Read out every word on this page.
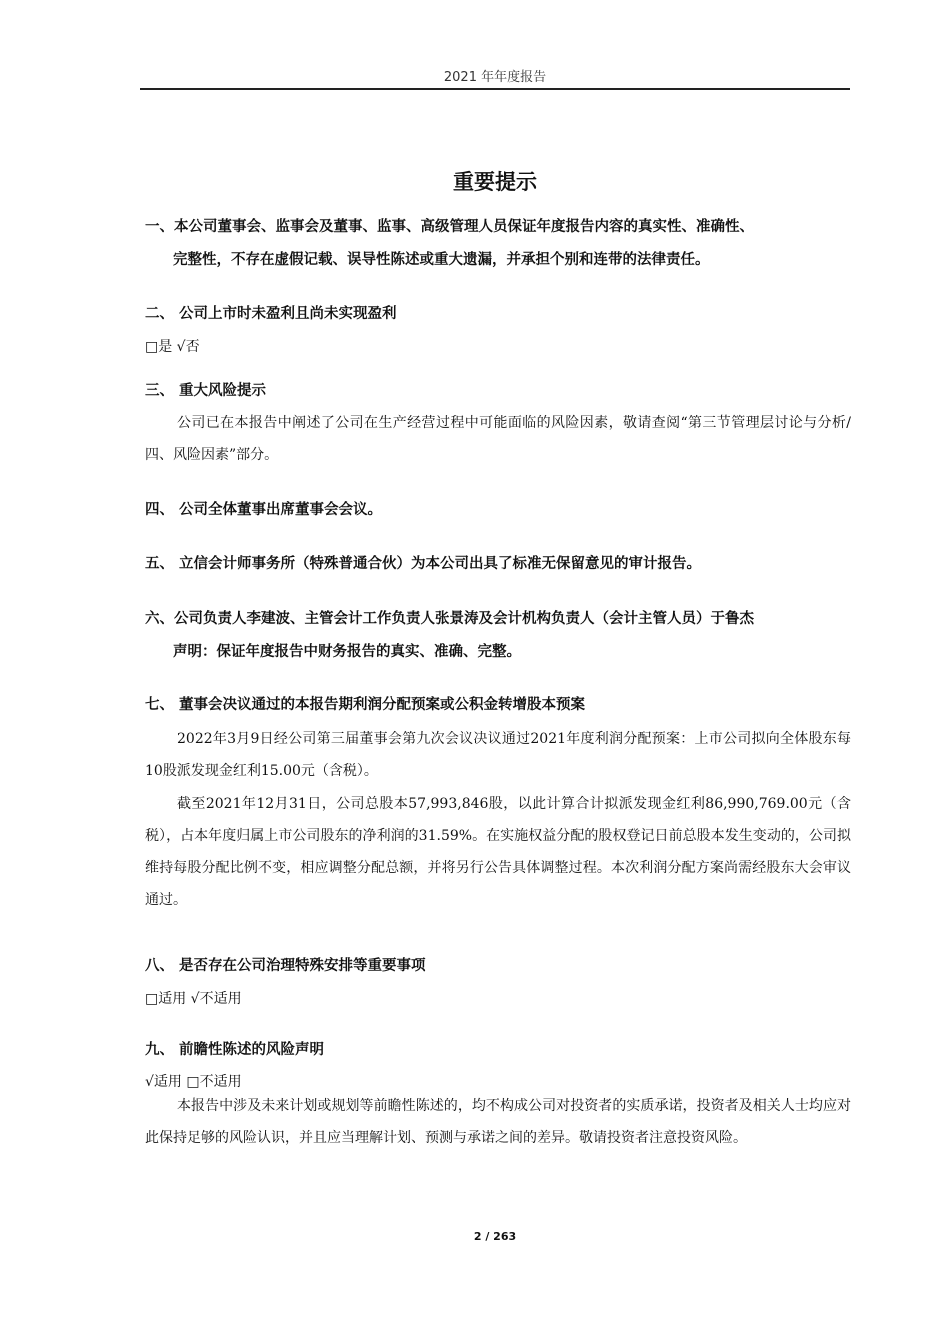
2021 年年度报告
重要提示
一、本公司董事会、监事会及董事、监事、高级管理人员保证年度报告内容的真实性、准确性、
完整性，不存在虚假记载、误导性陈述或重大遗漏，并承担个别和连带的法律责任。
二、 公司上市时未盈利且尚未实现盈利
□是 √否
三、 重大风险提示
公司已在本报告中阐述了公司在生产经营过程中可能面临的风险因素，敬请查阅“第三节管理层讨论与分析/四、风险因素”部分。
四、 公司全体董事出席董事会会议。
五、 立信会计师事务所（特殊普通合伙）为本公司出具了标准无保留意见的审计报告。
六、公司负责人李建波、主管会计工作负责人张景涛及会计机构负责人（会计主管人员）于鲁杰
声明：保证年度报告中财务报告的真实、准确、完整。
七、 董事会决议通过的本报告期利润分配预案或公积金转增股本预案
2022年3月9日经公司第三届董事会第九次会议决议通过2021年度利润分配预案：上市公司拟向全体股东每10股派发现金红利15.00元（含税）。
截至2021年12月31日，公司总股本57,993,846股，以此计算合计拟派发现金红利86,990,769.00元（含税），占本年度归属上市公司股东的净利润的31.59%。在实施权益分配的股权登记日前总股本发生变动的，公司拟维持每股分配比例不变，相应调整分配总额，并将另行公告具体调整过程。本次利润分配方案尚需经股东大会审议通过。
八、 是否存在公司治理特殊安排等重要事项
□适用 √不适用
九、 前瞻性陈述的风险声明
√适用 □不适用
本报告中涉及未来计划或规划等前瞻性陈述的，均不构成公司对投资者的实质承诺，投资者及相关人士均应对此保持足够的风险认识，并且应当理解计划、预测与承诺之间的差异。敬请投资者注意投资风险。
2 / 263
